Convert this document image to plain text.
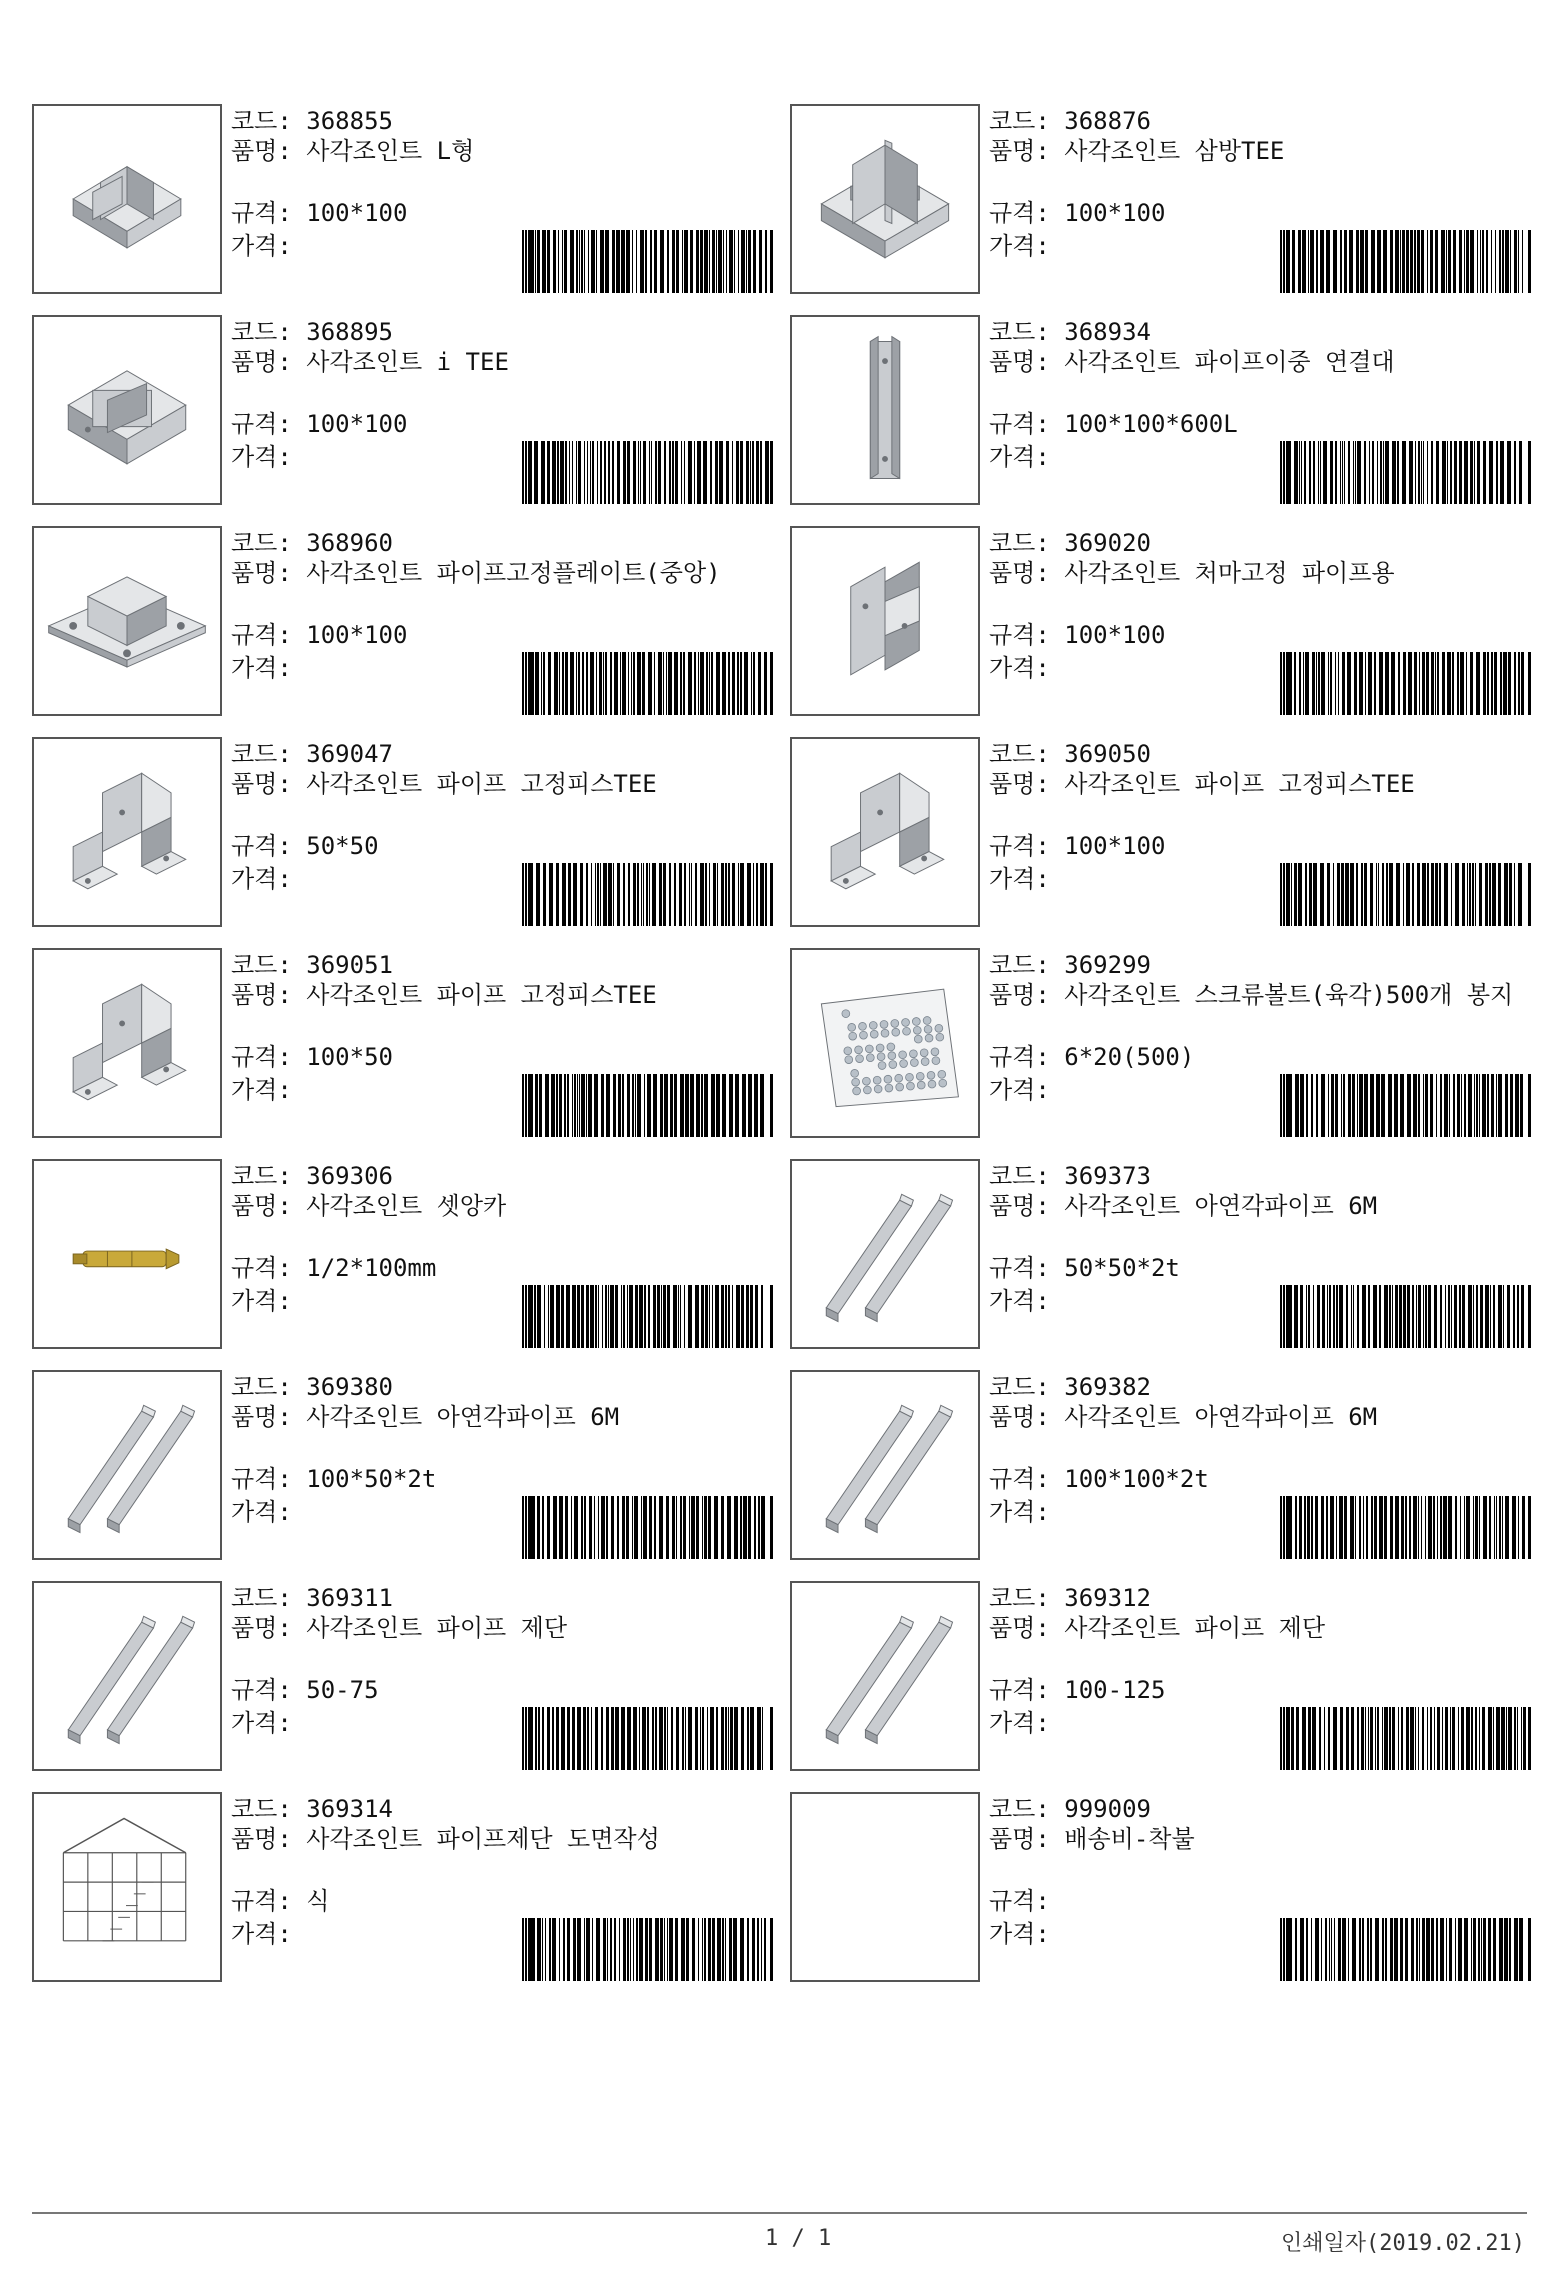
코드: 368855
품명: 사각조인트 L형
규격: 100*100
가격:
코드: 368876
품명: 사각조인트 삼방TEE
규격: 100*100
가격:
코드: 368895
품명: 사각조인트 i TEE
규격: 100*100
가격:
코드: 368934
품명: 사각조인트 파이프이중 연결대
규격: 100*100*600L
가격:
코드: 368960
품명: 사각조인트 파이프고정플레이트(중앙)
규격: 100*100
가격:
코드: 369020
품명: 사각조인트 처마고정 파이프용
규격: 100*100
가격:
코드: 369047
품명: 사각조인트 파이프 고정피스TEE
규격: 50*50
가격:
코드: 369050
품명: 사각조인트 파이프 고정피스TEE
규격: 100*100
가격:
코드: 369051
품명: 사각조인트 파이프 고정피스TEE
규격: 100*50
가격:
코드: 369299
품명: 사각조인트 스크류볼트(육각)500개 봉지
규격: 6*20(500)
가격:
코드: 369306
품명: 사각조인트 셋앙카
규격: 1/2*100mm
가격:
코드: 369373
품명: 사각조인트 아연각파이프 6M
규격: 50*50*2t
가격:
코드: 369380
품명: 사각조인트 아연각파이프 6M
규격: 100*50*2t
가격:
코드: 369382
품명: 사각조인트 아연각파이프 6M
규격: 100*100*2t
가격:
코드: 369311
품명: 사각조인트 파이프 제단
규격: 50-75
가격:
코드: 369312
품명: 사각조인트 파이프 제단
규격: 100-125
가격:
코드: 369314
품명: 사각조인트 파이프제단 도면작성
규격: 식
가격:
코드: 999009
품명: 배송비-착불
규격:
가격:
1 / 1	인쇄일자(2019.02.21)
